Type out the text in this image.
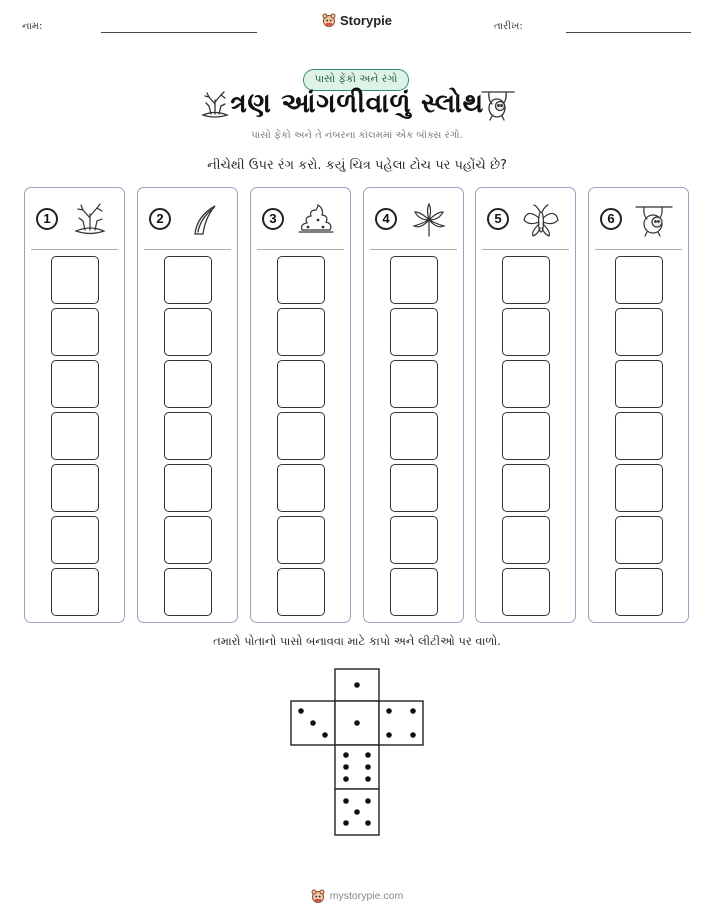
નામ:	Storypie	તારીખ:
પાસો ફેંકો અને રંગો
ત્રણ આંગળીવાળું સ્લોથ
પાસો ફેંકો અને તે નંબરના કૉલમમાં એક બૉક્સ રંગો.
નીચેથી ઉપર રંગ કરો. કયું ચિત્ર પહેલા ટોચ પર પહોંચે છે?
1	2	3	4	5	6
તમારો પોતાનો પાસો બનાવવા માટે કાપો અને લીટીઓ પર વાળો.
mystorypie.com
